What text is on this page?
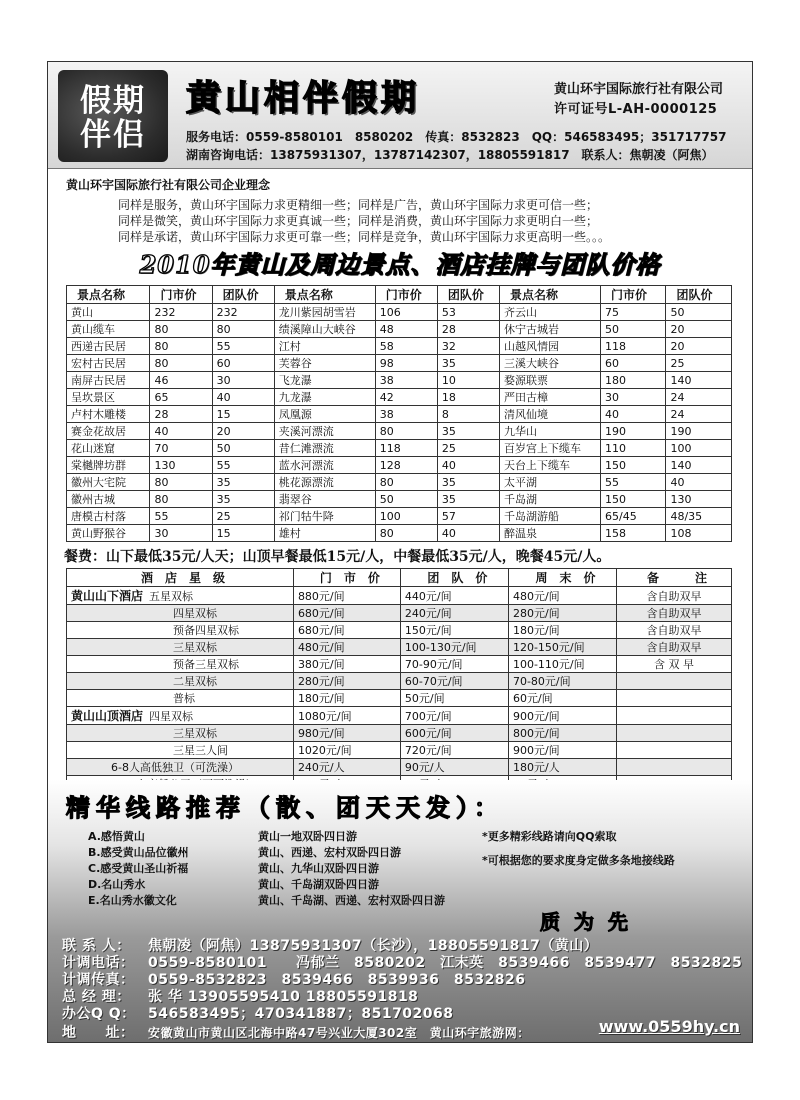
假期伴侣
黄山相伴假期	黄山环宇国际旅行社有限公司
许可证号L-AH-0000125
服务电话：0559-8580101　8580202　传真：8532823　QQ：546583495；351717757
湖南咨询电话：13875931307，13787142307，18805591817　联系人：焦朝凌（阿焦）
黄山环宇国际旅行社有限公司企业理念
同样是服务，黄山环宇国际力求更精细一些；同样是广告，黄山环宇国际力求更可信一些；
同样是微笑，黄山环宇国际力求更真诚一些；同样是消费，黄山环宇国际力求更明白一些；
同样是承诺，黄山环宇国际力求更可靠一些；同样是竞争，黄山环宇国际力求更高明一些。。。
2010年黄山及周边景点、酒店挂牌与团队价格
景点名称	门市价	团队价	景点名称	门市价	团队价	景点名称	门市价	团队价
黄山	232	232	龙川紫园胡雪岩	106	53	齐云山	75	50
黄山缆车	80	80	绩溪障山大峡谷	48	28	休宁古城岩	50	20
西递古民居	80	55	江村	58	32	山越风情园	118	20
宏村古民居	80	60	芙蓉谷	98	35	三溪大峡谷	60	25
南屏古民居	46	30	飞龙瀑	38	10	婺源联票	180	140
呈坎景区	65	40	九龙瀑	42	18	严田古樟	30	24
卢村木雕楼	28	15	凤凰源	38	8	清风仙境	40	24
赛金花故居	40	20	夹溪河漂流	80	35	九华山	190	190
花山迷窟	70	50	昔仁滩漂流	118	25	百岁宫上下缆车	110	100
棠樾牌坊群	130	55	蓝水河漂流	128	40	天台上下缆车	150	140
徽州大宅院	80	35	桃花源漂流	80	35	太平湖	55	40
徽州古城	80	35	翡翠谷	50	35	千岛湖	150	130
唐模古村落	55	25	祁门牯牛降	100	57	千岛湖游船	65/45	48/35
黄山野猴谷	30	15	雄村	80	40	醉温泉	158	108
餐费：山下最低35元/人天；山顶早餐最低15元/人，中餐最低35元/人，晚餐45元/人。
酒　店　星　级	门　市　价	团　队　价	周　末　价	备　　　注
黄山山下酒店 五星双标	880元/间	440元/间	480元/间	含自助双早
四星双标	680元/间	240元/间	280元/间	含自助双早
预备四星双标	680元/间	150元/间	180元/间	含自助双早
三星双标	480元/间	100-130元/间	120-150元/间	含自助双早
预备三星双标	380元/间	70-90元/间	100-110元/间	含 双 早
二星双标	280元/间	60-70元/间	70-80元/间	
普标	180元/间	50元/间	60元/间	
黄山山顶酒店 四星双标	1080元/间	700元/间	900元/间	
三星双标	980元/间	600元/间	800元/间	
三星三人间	1020元/间	720元/间	900元/间	
6-8人高低独卫（可洗澡）	240元/人	90元/人	180元/人	

精华线路推荐（散、团天天发）：
A.感悟黄山	黄山一地双卧四日游
B.感受黄山品位徽州	黄山、西递、宏村双卧四日游
C.感受黄山圣山祈福	黄山、九华山双卧四日游
D.名山秀水	黄山、千岛湖双卧四日游
E.名山秀水徽文化	黄山、千岛湖、西递、宏村双卧四日游
*更多精彩线路请向QQ索取
*可根据您的要求度身定做多条地接线路
质为先
联 系 人： 焦朝凌（阿焦）13875931307（长沙），18805591817（黄山）
计调电话： 0559-8580101　　冯郁兰　8580202　江末英　8539466　8539477　8532825
计调传真： 0559-8532823　8539466　8539936　8532826
总 经 理： 张 华 13905595410 18805591818
办公Q Q： 546583495；470341887；851702068
地　　址： 安徽黄山市黄山区北海中路47号兴业大厦302室　黄山环宇旅游网：	www.0559hy.cn
